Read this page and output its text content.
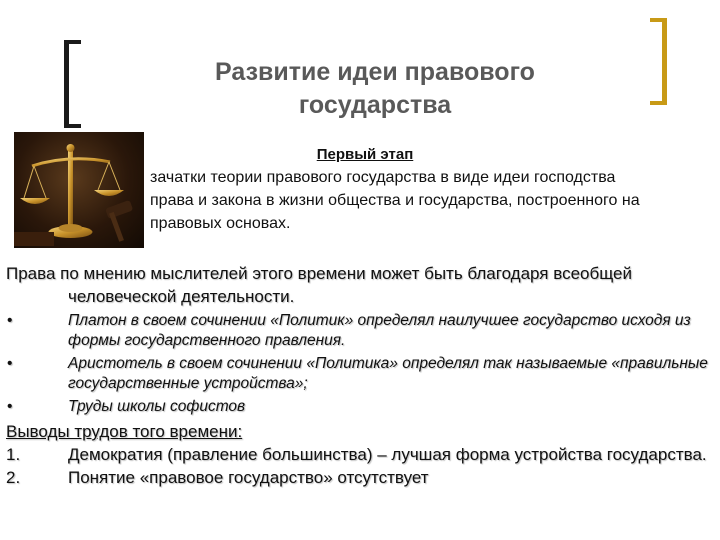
Развитие идеи правового государства
Первый этап
зачатки теории правового государства в виде идеи господства права и закона в жизни общества и государства, построенного на правовых основах.

Права по мнению мыслителей этого времени может быть благодаря всеобщей человеческой деятельности.

•	Платон в своем сочинении «Политик» определял наилучшее государство исходя из формы государственного правления.
•	Аристотель в своем сочинении «Политика» определял так называемые «правильные государственные устройства»;
•	Труды школы софистов

Выводы трудов того времени:

1.	Демократия (правление большинства) – лучшая форма устройства государства.
2.	Понятие «правовое государство» отсутствует
